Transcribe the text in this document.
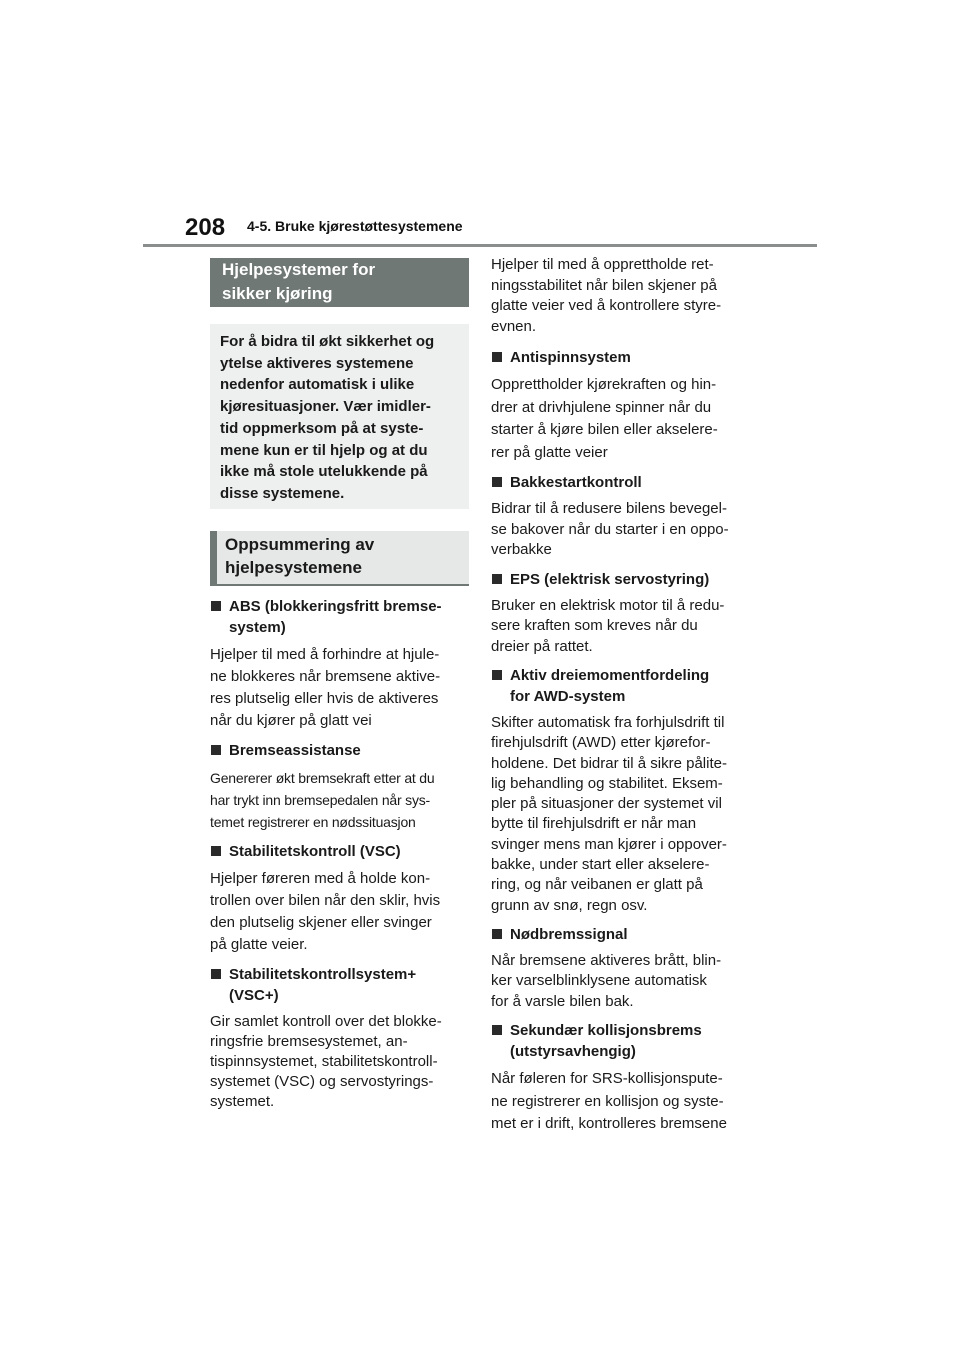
208 4-5. Bruke kjørestøttesystemene
Hjelpesystemer for
sikker kjøring
For å bidra til økt sikkerhet og
ytelse aktiveres systemene
nedenfor automatisk i ulike
kjøresituasjoner. Vær imidler-
tid oppmerksom på at syste-
mene kun er til hjelp og at du
ikke må stole utelukkende på
disse systemene.
Oppsummering av
hjelpesystemene
ABS (blokkeringsfritt bremse-
system)
Hjelper til med å forhindre at hjule-
ne blokkeres når bremsene aktive-
res plutselig eller hvis de aktiveres
når du kjører på glatt vei
Bremseassistanse
Genererer økt bremsekraft etter at du
har trykt inn bremsepedalen når sys-
temet registrerer en nødssituasjon
Stabilitetskontroll (VSC)
Hjelper føreren med å holde kon-
trollen over bilen når den sklir, hvis
den plutselig skjener eller svinger
på glatte veier.
Stabilitetskontrollsystem+
(VSC+)
Gir samlet kontroll over det blokke-
ringsfrie bremsesystemet, an-
tispinnsystemet, stabilitetskontroll-
systemet (VSC) og servostyrings-
systemet.
Hjelper til med å opprettholde ret-
ningsstabilitet når bilen skjener på
glatte veier ved å kontrollere styre-
evnen.
Antispinnsystem
Opprettholder kjørekraften og hin-
drer at drivhjulene spinner når du
starter å kjøre bilen eller akselere-
rer på glatte veier
Bakkestartkontroll
Bidrar til å redusere bilens bevegel-
se bakover når du starter i en oppo-
verbakke
EPS (elektrisk servostyring)
Bruker en elektrisk motor til å redu-
sere kraften som kreves når du
dreier på rattet.
Aktiv dreiemomentfordeling
for AWD-system
Skifter automatisk fra forhjulsdrift til
firehjulsdrift (AWD) etter kjørefor-
holdene. Det bidrar til å sikre pålite-
lig behandling og stabilitet. Eksem-
pler på situasjoner der systemet vil
bytte til firehjulsdrift er når man
svinger mens man kjører i oppover-
bakke, under start eller akselere-
ring, og når veibanen er glatt på
grunn av snø, regn osv.
Nødbremssignal
Når bremsene aktiveres brått, blin-
ker varselblinklysene automatisk
for å varsle bilen bak.
Sekundær kollisjonsbrems
(utstyrsavhengig)
Når føleren for SRS-kollisjonspute-
ne registrerer en kollisjon og syste-
met er i drift, kontrolleres bremsene
